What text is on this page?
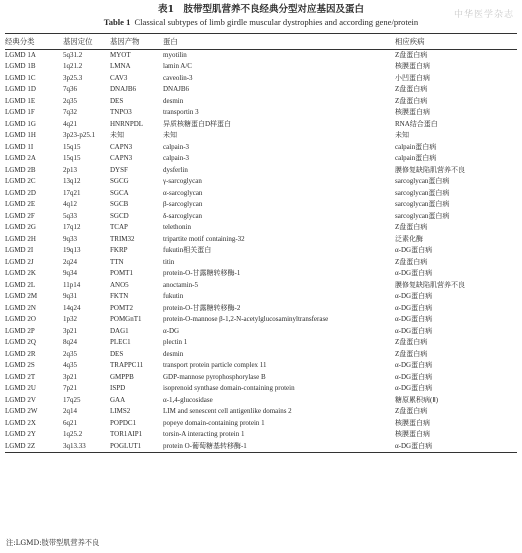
中华医学杂志
表1　肢带型肌营养不良经典分型对应基因及蛋白
Table 1 Classical subtypes of limb girdle muscular dystrophies and according gene/protein
经典分类	基因定位	基因产物	蛋白	相应疾病
LGMD 1A	5q31.2	MYOT	myotilin	Z盘蛋白病
LGMD 1B	1q21.2	LMNA	lamin A/C	核膜蛋白病
LGMD 1C	3p25.3	CAV3	caveolin-3	小凹蛋白病
LGMD 1D	7q36	DNAJB6	DNAJB6	Z盘蛋白病
LGMD 1E	2q35	DES	desmin	Z盘蛋白病
LGMD 1F	7q32	TNPO3	transportin 3	核膜蛋白病
LGMD 1G	4q21	HNRNPDL	异质核糖蛋白D样蛋白	RNA结合蛋白
LGMD 1H	3p23-p25.1	未知	未知	未知
LGMD 1I	15q15	CAPN3	calpain-3	calpain蛋白病
LGMD 2A	15q15	CAPN3	calpain-3	calpain蛋白病
LGMD 2B	2p13	DYSF	dysferlin	膜修复缺陷肌营养不良
LGMD 2C	13q12	SGCG	γ-sarcoglycan	sarcoglycan蛋白病
LGMD 2D	17q21	SGCA	α-sarcoglycan	sarcoglycan蛋白病
LGMD 2E	4q12	SGCB	β-sarcoglycan	sarcoglycan蛋白病
LGMD 2F	5q33	SGCD	δ-sarcoglycan	sarcoglycan蛋白病
LGMD 2G	17q12	TCAP	telethonin	Z盘蛋白病
LGMD 2H	9q33	TRIM32	tripartite motif containing-32	泛素化酶
LGMD 2I	19q13	FKRP	fukutin相关蛋白	α-DG蛋白病
LGMD 2J	2q24	TTN	titin	Z盘蛋白病
LGMD 2K	9q34	POMT1	protein-O-甘露糖转移酶-1	α-DG蛋白病
LGMD 2L	11p14	ANO5	anoctamin-5	膜修复缺陷肌营养不良
LGMD 2M	9q31	FKTN	fukutin	α-DG蛋白病
LGMD 2N	14q24	POMT2	protein-O-甘露糖转移酶-2	α-DG蛋白病
LGMD 2O	1p32	POMGnT1	protein-O-mannose β-1,2-N-acetylglucosaminyltransferase	α-DG蛋白病
LGMD 2P	3p21	DAG1	α-DG	α-DG蛋白病
LGMD 2Q	8q24	PLEC1	plectin 1	Z盘蛋白病
LGMD 2R	2q35	DES	desmin	Z盘蛋白病
LGMD 2S	4q35	TRAPPC11	transport protein particle complex 11	α-DG蛋白病
LGMD 2T	3p21	GMPPB	GDP-mannose pyrophosphorylase B	α-DG蛋白病
LGMD 2U	7p21	ISPD	isoprenoid synthase domain-containing protein	α-DG蛋白病
LGMD 2V	17q25	GAA	α-1,4-glucosidase	糖原累积病(Ⅱ)
LGMD 2W	2q14	LIMS2	LIM and senescent cell antigenlike domains 2	Z盘蛋白病
LGMD 2X	6q21	POPDC1	popeye domain-containing protein 1	核膜蛋白病
LGMD 2Y	1q25.2	TOR1AIP1	torsin-A interacting protein 1	核膜蛋白病
LGMD 2Z	3q13.33	POGLUT1	protein O-葡萄糖基转移酶-1	α-DG蛋白病
注:LGMD:肢带型肌营养不良
